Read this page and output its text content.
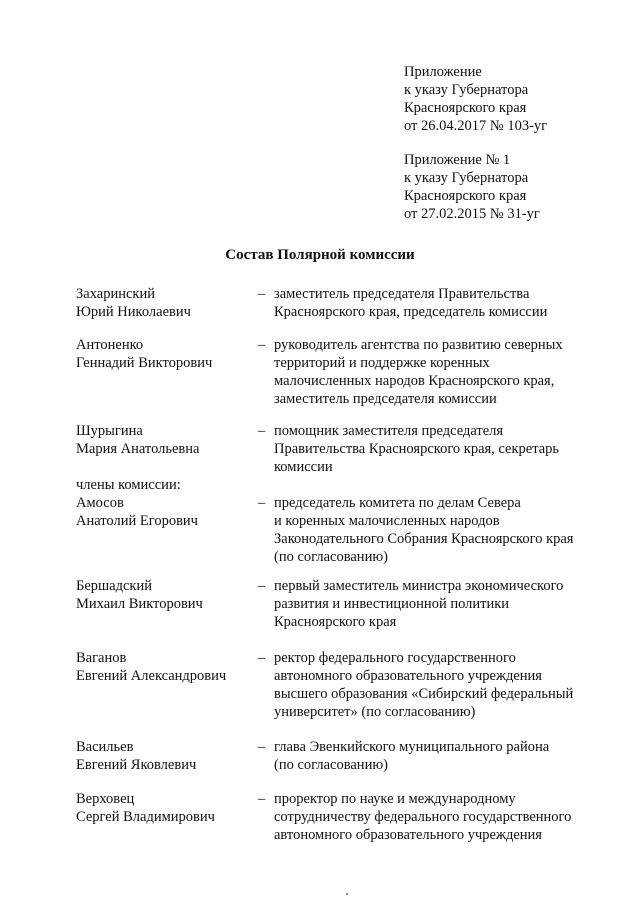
Приложение
к указу Губернатора
Красноярского края
от 26.04.2017 № 103-уг
Приложение № 1
к указу Губернатора
Красноярского края
от 27.02.2015 № 31-уг
Состав Полярной комиссии
Захаринский
Юрий Николаевич
– заместитель председателя Правительства
Красноярского края, председатель комиссии
Антоненко
Геннадий Викторович
– руководитель агентства по развитию северных
территорий и поддержке коренных
малочисленных народов Красноярского края,
заместитель председателя комиссии
Шурыгина
Мария Анатольевна
– помощник заместителя председателя
Правительства Красноярского края, секретарь
комиссии
члены комиссии:
Амосов
Анатолий Егорович
– председатель комитета по делам Севера
и коренных малочисленных народов
Законодательного Собрания Красноярского края
(по согласованию)
Бершадский
Михаил Викторович
– первый заместитель министра экономического
развития и инвестиционной политики
Красноярского края
Ваганов
Евгений Александрович
– ректор федерального государственного
автономного образовательного учреждения
высшего образования «Сибирский федеральный
университет» (по согласованию)
Васильев
Евгений Яковлевич
– глава Эвенкийского муниципального района
(по согласованию)
Верховец
Сергей Владимирович
– проректор по науке и международному
сотрудничеству федерального государственного
автономного образовательного учреждения
